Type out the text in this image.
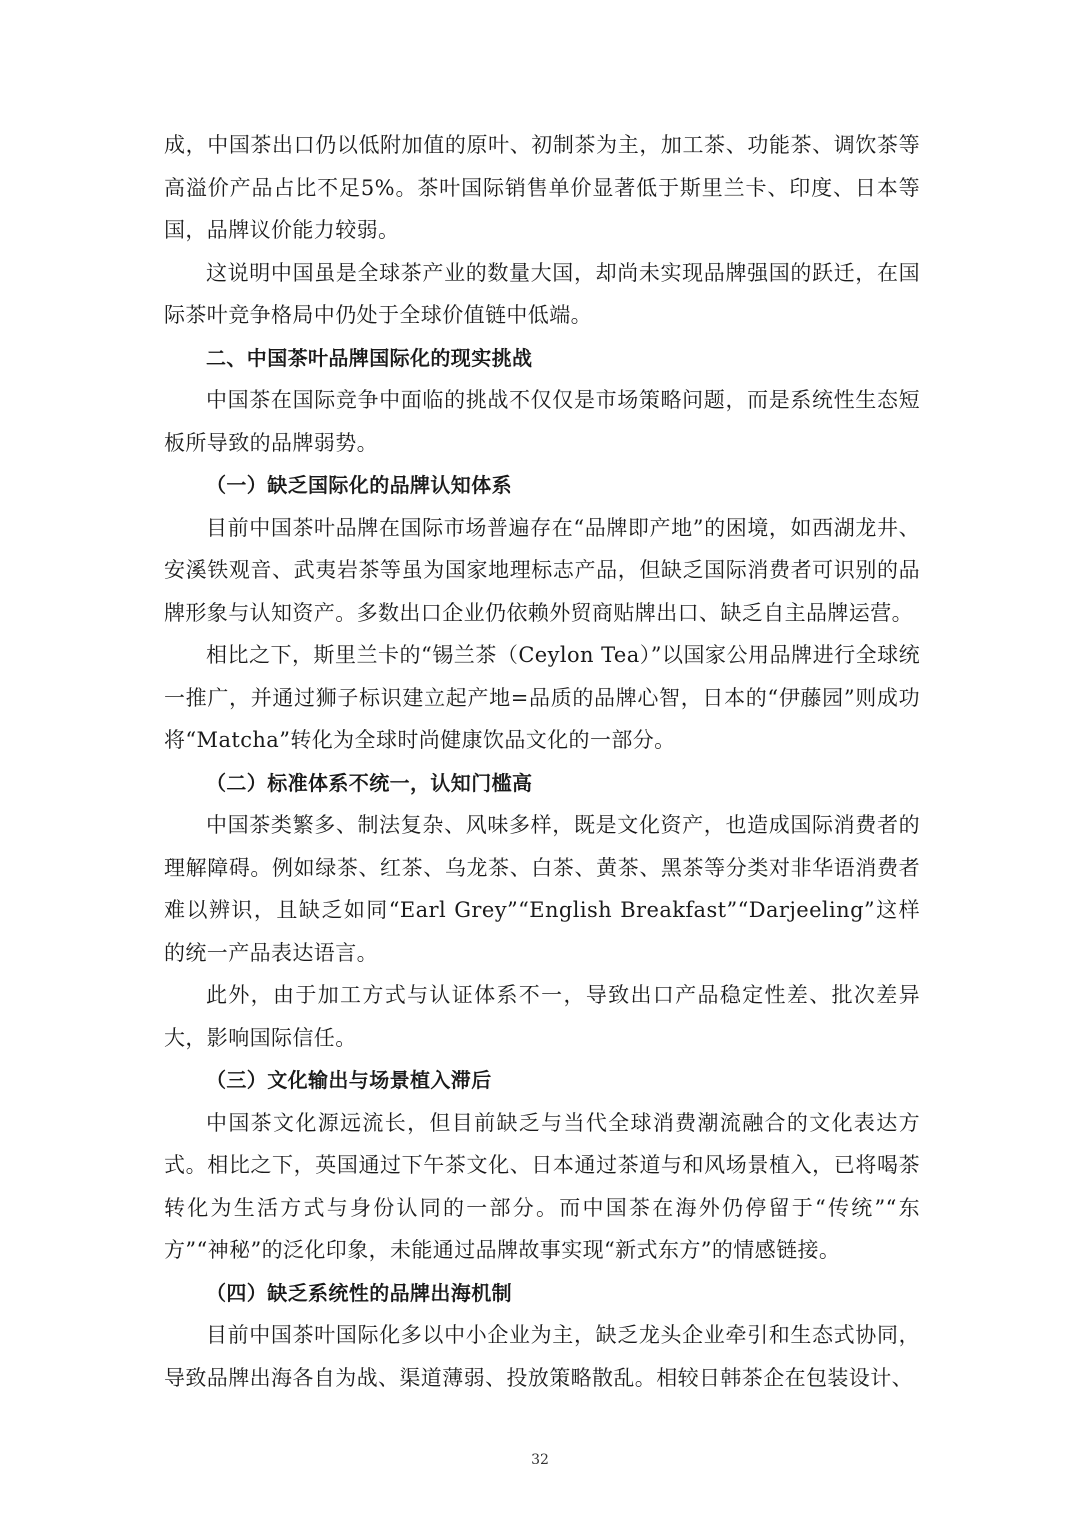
成，中国茶出口仍以低附加值的原叶、初制茶为主，加工茶、功能茶、调饮茶等高溢价产品占比不足5%。茶叶国际销售单价显著低于斯里兰卡、印度、日本等国，品牌议价能力较弱。

这说明中国虽是全球茶产业的数量大国，却尚未实现品牌强国的跃迁，在国际茶叶竞争格局中仍处于全球价值链中低端。

二、中国茶叶品牌国际化的现实挑战

中国茶在国际竞争中面临的挑战不仅仅是市场策略问题，而是系统性生态短板所导致的品牌弱势。

（一）缺乏国际化的品牌认知体系

目前中国茶叶品牌在国际市场普遍存在“品牌即产地”的困境，如西湖龙井、安溪铁观音、武夷岩茶等虽为国家地理标志产品，但缺乏国际消费者可识别的品牌形象与认知资产。多数出口企业仍依赖外贸商贴牌出口、缺乏自主品牌运营。

相比之下，斯里兰卡的“锡兰茶（Ceylon Tea）”以国家公用品牌进行全球统一推广，并通过狮子标识建立起产地=品质的品牌心智，日本的“伊藤园”则成功将“Matcha”转化为全球时尚健康饮品文化的一部分。

（二）标准体系不统一，认知门槛高

中国茶类繁多、制法复杂、风味多样，既是文化资产，也造成国际消费者的理解障碍。例如绿茶、红茶、乌龙茶、白茶、黄茶、黑茶等分类对非华语消费者难以辨识，且缺乏如同“Earl Grey”“English Breakfast”“Darjeeling”这样的统一产品表达语言。

此外，由于加工方式与认证体系不一，导致出口产品稳定性差、批次差异大，影响国际信任。

（三）文化输出与场景植入滞后

中国茶文化源远流长，但目前缺乏与当代全球消费潮流融合的文化表达方式。相比之下，英国通过下午茶文化、日本通过茶道与和风场景植入，已将喝茶转化为生活方式与身份认同的一部分。而中国茶在海外仍停留于“传统”“东方”“神秘”的泛化印象，未能通过品牌故事实现“新式东方”的情感链接。

（四）缺乏系统性的品牌出海机制

目前中国茶叶国际化多以中小企业为主，缺乏龙头企业牵引和生态式协同，导致品牌出海各自为战、渠道薄弱、投放策略散乱。相较日韩茶企在包装设计、

32
